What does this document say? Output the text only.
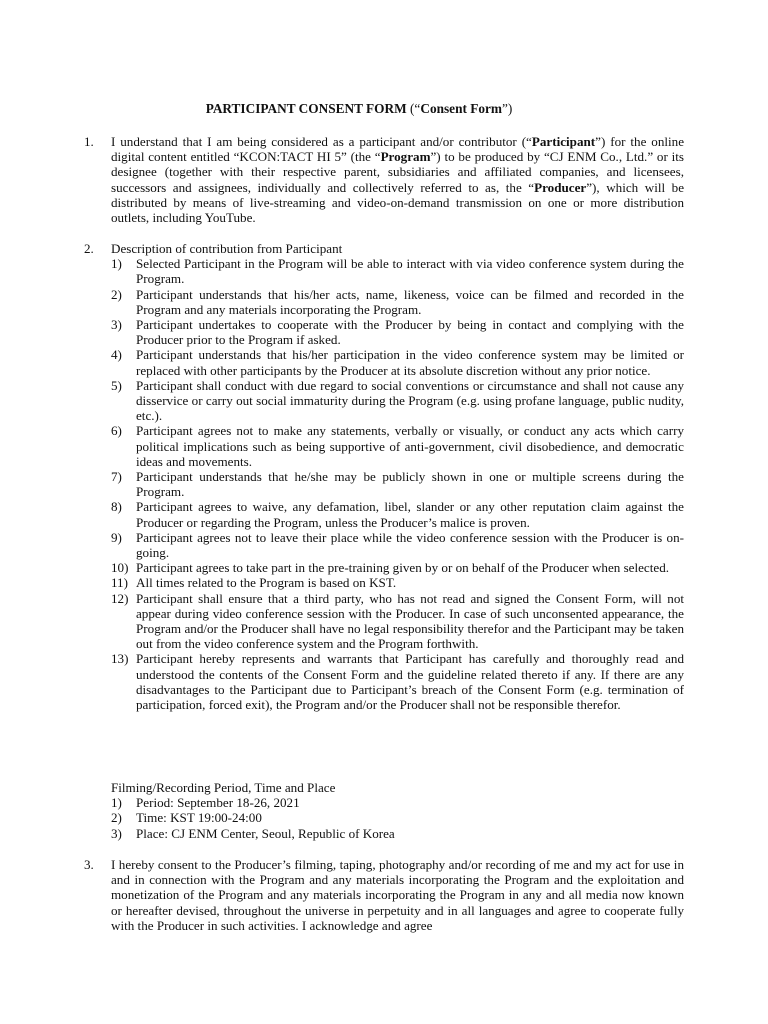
PARTICIPANT CONSENT FORM (“Consent Form”)
1.	I understand that I am being considered as a participant and/or contributor (“Participant”) for the online digital content entitled “KCON:TACT HI 5” (the “Program”) to be produced by “CJ ENM Co., Ltd.” or its designee (together with their respective parent, subsidiaries and affiliated companies, and licensees, successors and assignees, individually and collectively referred to as, the “Producer”), which will be distributed by means of live-streaming and video-on-demand transmission on one or more distribution outlets, including YouTube.
2.	Description of contribution from Participant
1)	Selected Participant in the Program will be able to interact with via video conference system during the Program.
2)	Participant understands that his/her acts, name, likeness, voice can be filmed and recorded in the Program and any materials incorporating the Program.
3)	Participant undertakes to cooperate with the Producer by being in contact and complying with the Producer prior to the Program if asked.
4)	Participant understands that his/her participation in the video conference system may be limited or replaced with other participants by the Producer at its absolute discretion without any prior notice.
5)	Participant shall conduct with due regard to social conventions or circumstance and shall not cause any disservice or carry out social immaturity during the Program (e.g. using profane language, public nudity, etc.).
6)	Participant agrees not to make any statements, verbally or visually, or conduct any acts which carry political implications such as being supportive of anti-government, civil disobedience, and democratic ideas and movements.
7)	Participant understands that he/she may be publicly shown in one or multiple screens during the Program.
8)	Participant agrees to waive, any defamation, libel, slander or any other reputation claim against the Producer or regarding the Program, unless the Producer’s malice is proven.
9)	Participant agrees not to leave their place while the video conference session with the Producer is on-going.
10) Participant agrees to take part in the pre-training given by or on behalf of the Producer when selected.
11) All times related to the Program is based on KST.
12) Participant shall ensure that a third party, who has not read and signed the Consent Form, will not appear during video conference session with the Producer. In case of such unconsented appearance, the Program and/or the Producer shall have no legal responsibility therefor and the Participant may be taken out from the video conference system and the Program forthwith.
13) Participant hereby represents and warrants that Participant has carefully and thoroughly read and understood the contents of the Consent Form and the guideline related thereto if any. If there are any disadvantages to the Participant due to Participant’s breach of the Consent Form (e.g. termination of participation, forced exit), the Program and/or the Producer shall not be responsible therefor.
Filming/Recording Period, Time and Place
1)	Period: September 18-26, 2021
2)	Time: KST 19:00-24:00
3)	Place: CJ ENM Center, Seoul, Republic of Korea
3.	I hereby consent to the Producer’s filming, taping, photography and/or recording of me and my act for use in and in connection with the Program and any materials incorporating the Program and the exploitation and monetization of the Program and any materials incorporating the Program in any and all media now known or hereafter devised, throughout the universe in perpetuity and in all languages and agree to cooperate fully with the Producer in such activities. I acknowledge and agree
